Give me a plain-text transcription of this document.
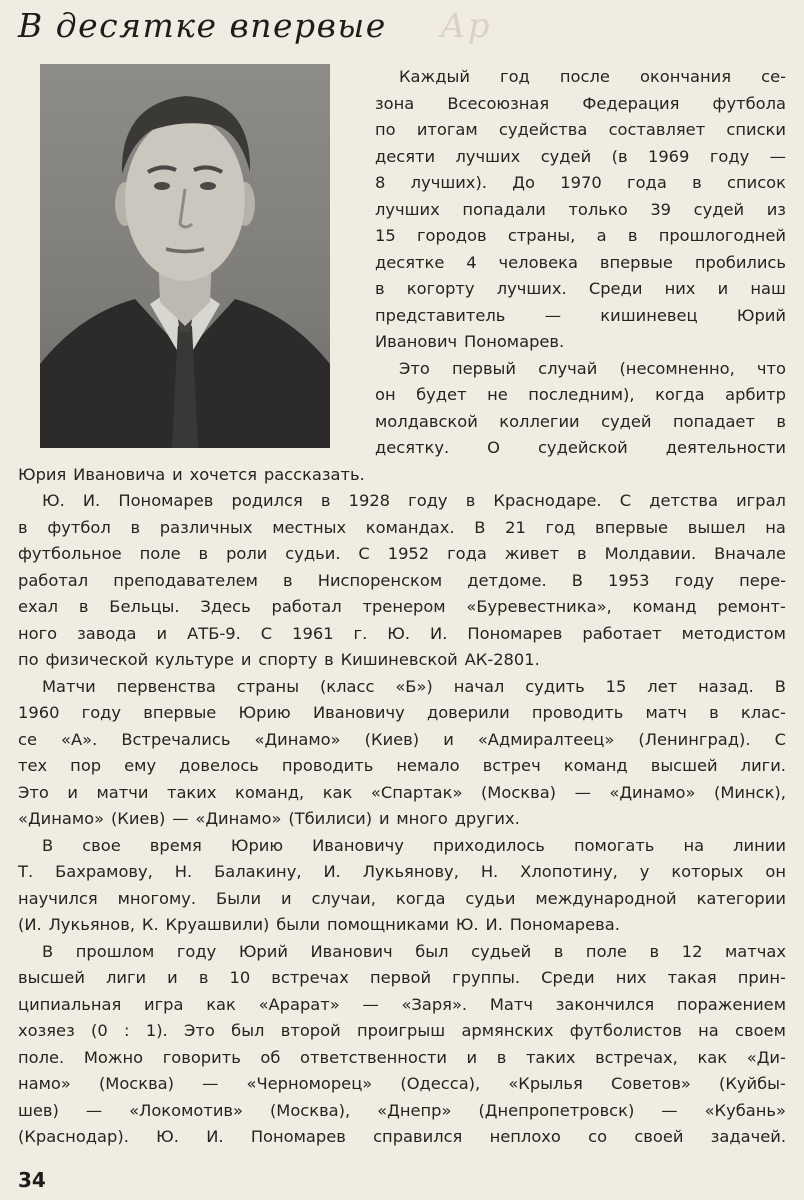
Ар
В десятке впервые
Каждый год после окончания се-
зона Всесоюзная Федерация футбола
по итогам судейства составляет списки
десяти лучших судей (в 1969 году —
8 лучших). До 1970 года в список
лучших попадали только 39 судей из
15 городов страны, а в прошлогодней
десятке 4 человека впервые пробились
в когорту лучших. Среди них и наш
представитель — кишиневец Юрий
Иванович Пономарев.
Это первый случай (несомненно, что
он будет не последним), когда арбитр
молдавской коллегии судей попадает в
десятку. О судейской деятельности
Юрия Ивановича и хочется рассказать.
Ю. И. Пономарев родился в 1928 году в Краснодаре. С детства играл
в футбол в различных местных командах. В 21 год впервые вышел на
футбольное поле в роли судьи. С 1952 года живет в Молдавии. Вначале
работал преподавателем в Ниспоренском детдоме. В 1953 году пере-
ехал в Бельцы. Здесь работал тренером «Буревестника», команд ремонт-
ного завода и АТБ-9. С 1961 г. Ю. И. Пономарев работает методистом
по физической культуре и спорту в Кишиневской АК-2801.
Матчи первенства страны (класс «Б») начал судить 15 лет назад. В
1960 году впервые Юрию Ивановичу доверили проводить матч в клас-
се «А». Встречались «Динамо» (Киев) и «Адмиралтеец» (Ленинград). С
тех пор ему довелось проводить немало встреч команд высшей лиги.
Это и матчи таких команд, как «Спартак» (Москва) — «Динамо» (Минск),
«Динамо» (Киев) — «Динамо» (Тбилиси) и много других.
В свое время Юрию Ивановичу приходилось помогать на линии
Т. Бахрамову, Н. Балакину, И. Лукьянову, Н. Хлопотину, у которых он
научился многому. Были и случаи, когда судьи международной категории
(И. Лукьянов, К. Круашвили) были помощниками Ю. И. Пономарева.
В прошлом году Юрий Иванович был судьей в поле в 12 матчах
высшей лиги и в 10 встречах первой группы. Среди них такая прин-
ципиальная игра как «Арарат» — «Заря». Матч закончился поражением
хозяез (0 : 1). Это был второй проигрыш армянских футболистов на своем
поле. Можно говорить об ответственности и в таких встречах, как «Ди-
намо» (Москва) — «Черноморец» (Одесса), «Крылья Советов» (Куйбы-
шев) — «Локомотив» (Москва), «Днепр» (Днепропетровск) — «Кубань»
(Краснодар). Ю. И. Пономарев справился неплохо со своей задачей.
34
